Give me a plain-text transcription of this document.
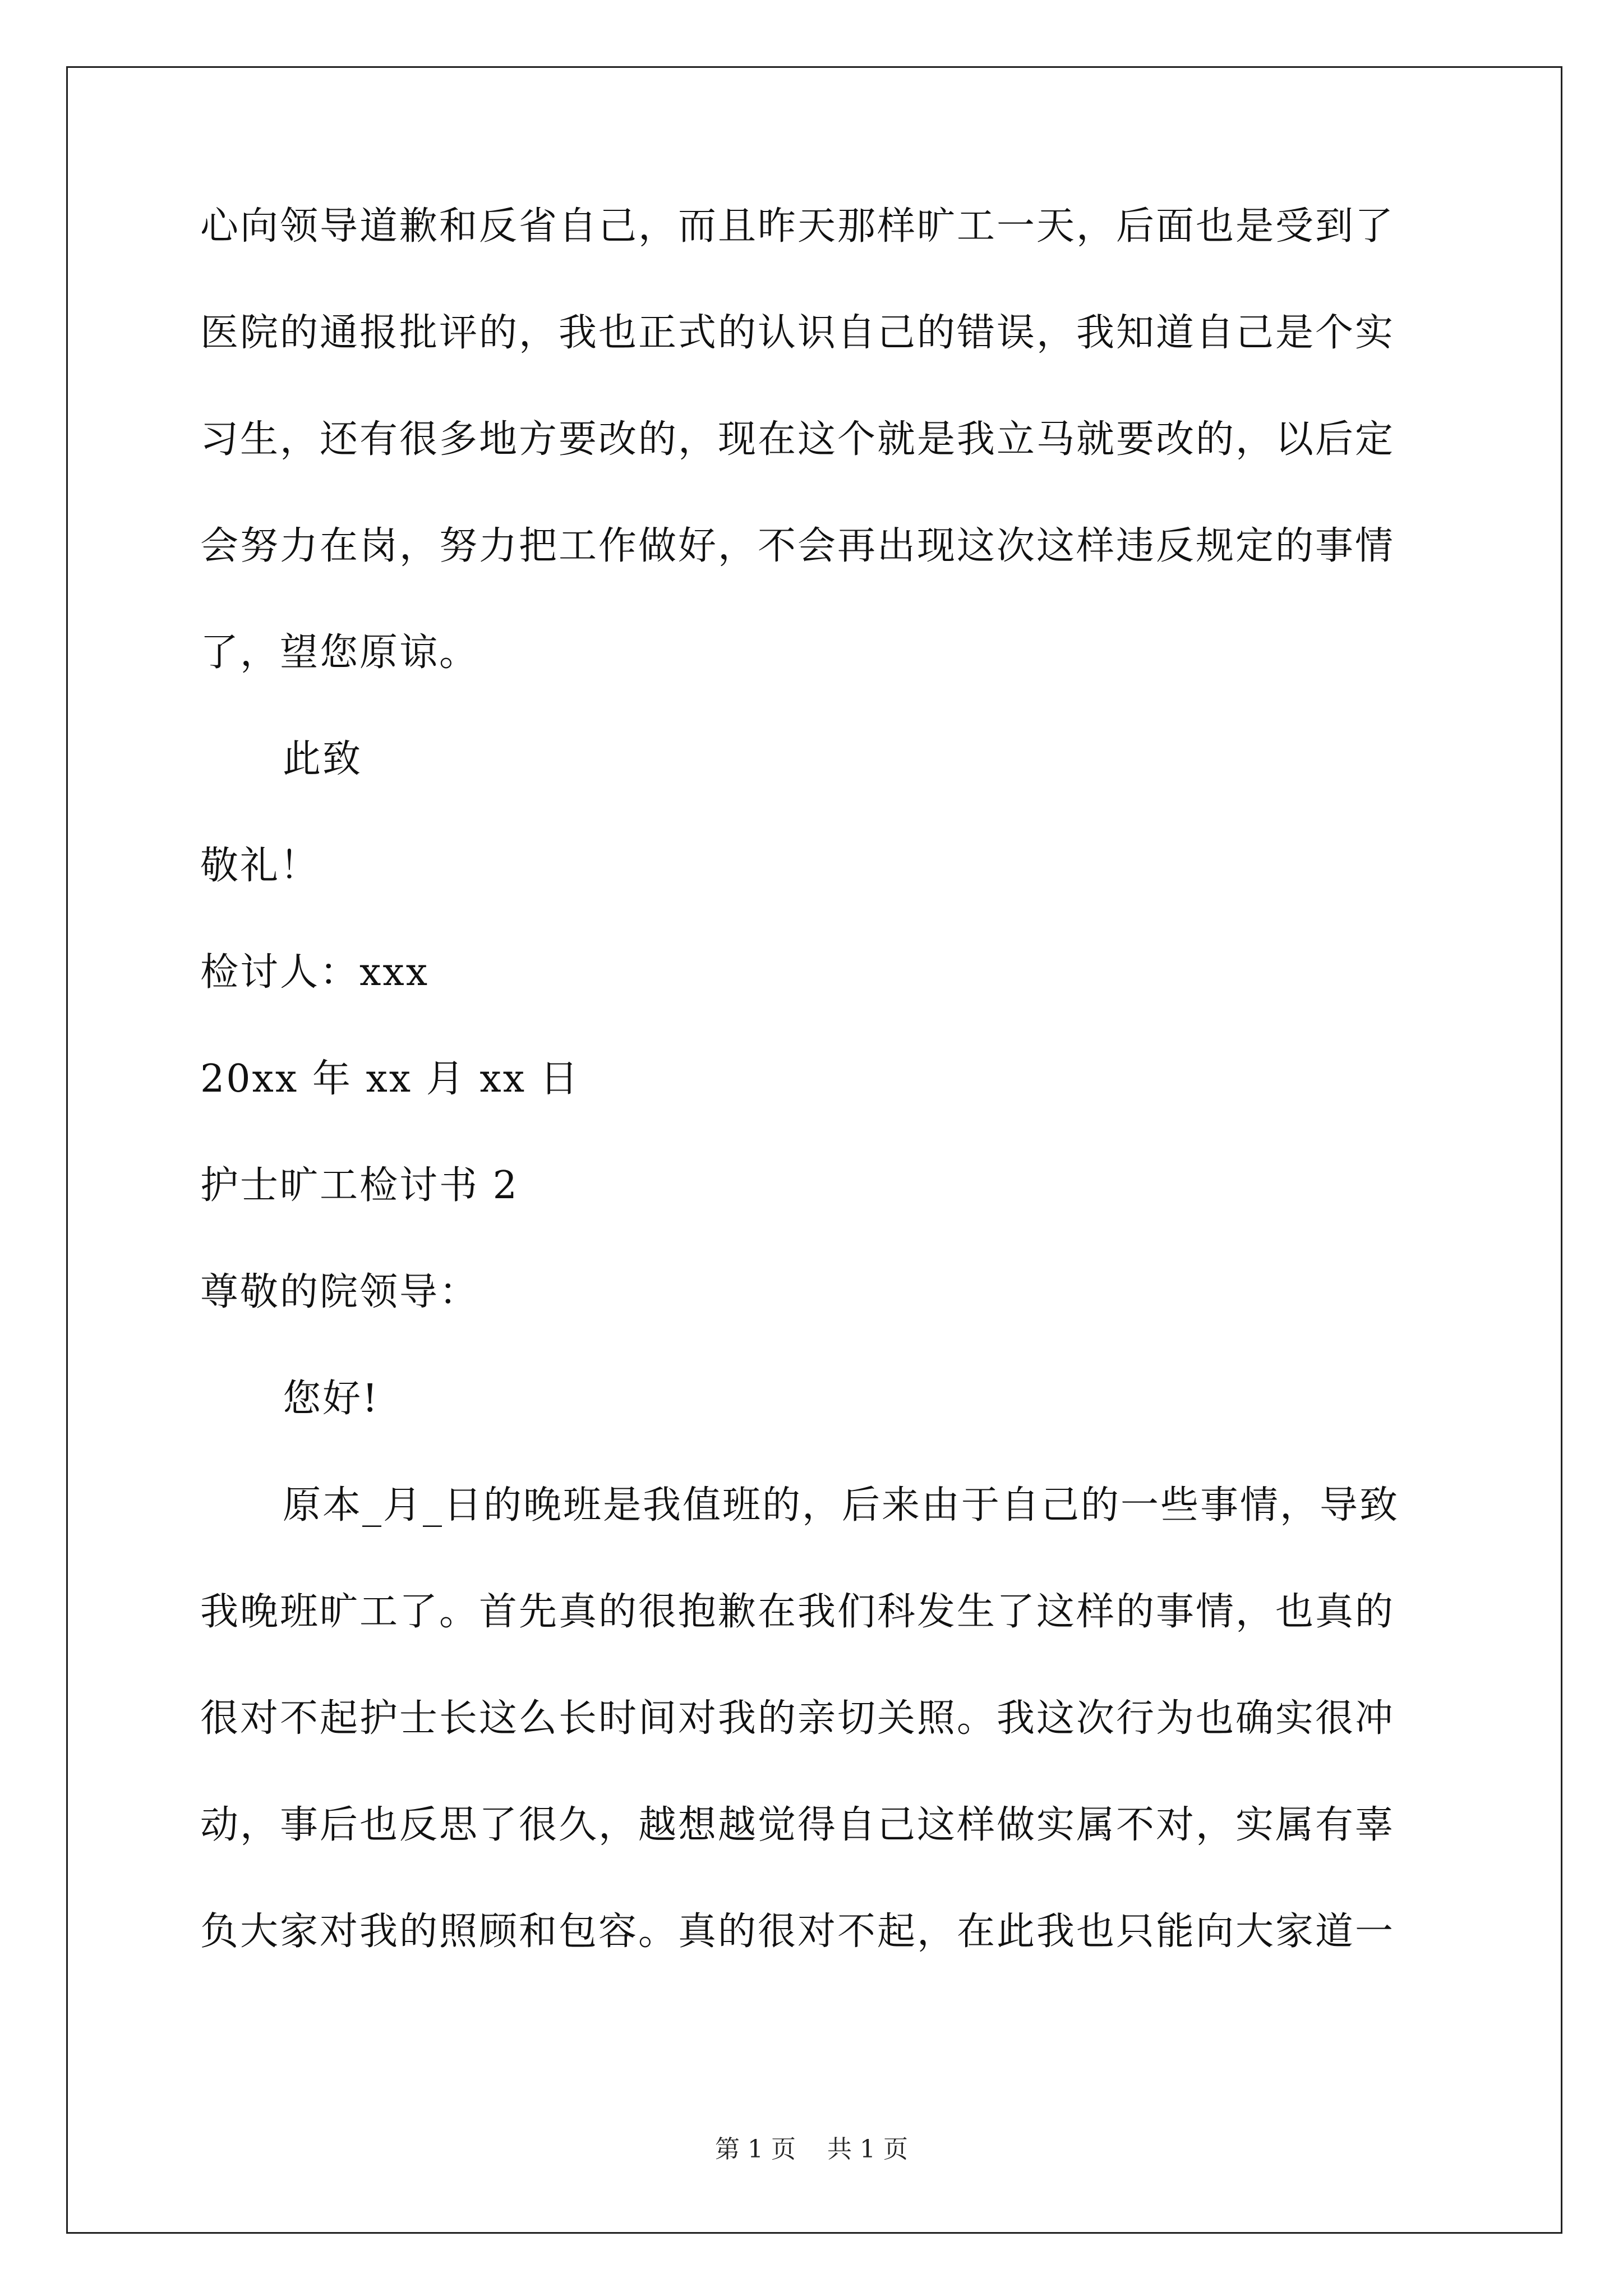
心向领导道歉和反省自己，而且昨天那样旷工一天，后面也是受到了
医院的通报批评的，我也正式的认识自己的错误，我知道自己是个实
习生，还有很多地方要改的，现在这个就是我立马就要改的，以后定
会努力在岗，努力把工作做好，不会再出现这次这样违反规定的事情
了，望您原谅。
此致
敬礼！
检讨人：xxx
20xx 年 xx 月 xx 日
护士旷工检讨书 2
尊敬的院领导：
您好!
原本_月_日的晚班是我值班的，后来由于自己的一些事情，导致
我晚班旷工了。首先真的很抱歉在我们科发生了这样的事情，也真的
很对不起护士长这么长时间对我的亲切关照。我这次行为也确实很冲
动，事后也反思了很久，越想越觉得自己这样做实属不对，实属有辜
负大家对我的照顾和包容。真的很对不起，在此我也只能向大家道一
第 1 页 共 1 页
